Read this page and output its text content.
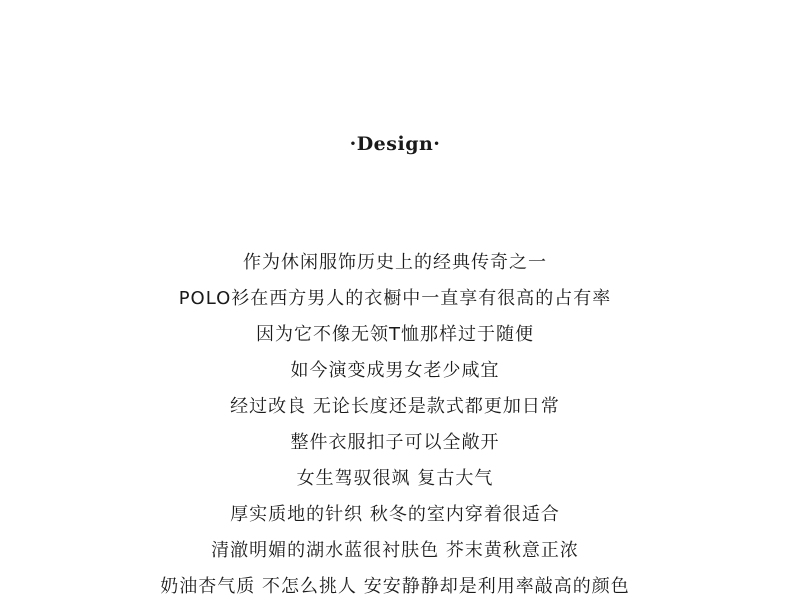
·Design·
作为休闲服饰历史上的经典传奇之一
POLO衫在西方男人的衣橱中一直享有很高的占有率
因为它不像无领T恤那样过于随便
如今演变成男女老少咸宜
经过改良 无论长度还是款式都更加日常
整件衣服扣子可以全敞开
女生驾驭很飒 复古大气
厚实质地的针织 秋冬的室内穿着很适合
清澈明媚的湖水蓝很衬肤色 芥末黄秋意正浓
奶油杏气质 不怎么挑人 安安静静却是利用率敲高的颜色
